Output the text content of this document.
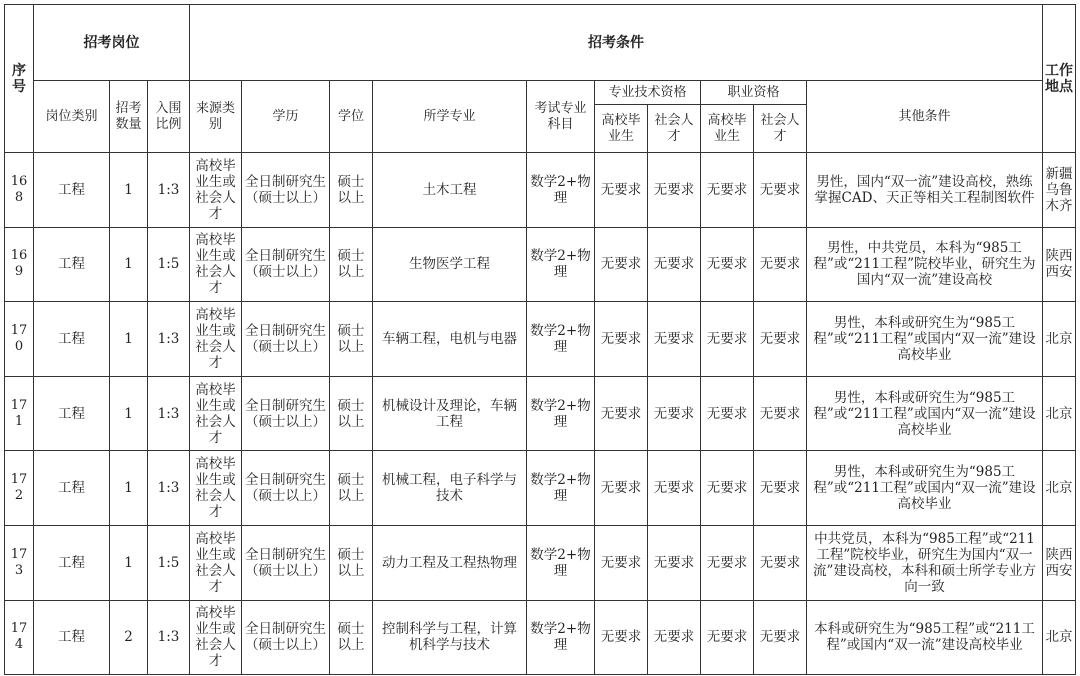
序号	招考岗位			招考条件										工作地点
	岗位类别	招考数量	入围比例	来源类别	学历	学位	所学专业	考试专业科目	专业技术资格		职业资格		其他条件	
									高校毕业生	社会人才	高校毕业生	社会人才		
168	工程	1	1:3	高校毕业生或社会人才	全日制研究生（硕士以上）	硕士以上	土木工程	数学2+物理	无要求	无要求	无要求	无要求	男性，国内“双一流”建设高校，熟练掌握CAD、天正等相关工程制图软件	新疆乌鲁木齐
169	工程	1	1:5	高校毕业生或社会人才	全日制研究生（硕士以上）	硕士以上	生物医学工程	数学2+物理	无要求	无要求	无要求	无要求	男性，中共党员，本科为“985工程”或“211工程”院校毕业，研究生为国内“双一流”建设高校	陕西西安
170	工程	1	1:3	高校毕业生或社会人才	全日制研究生（硕士以上）	硕士以上	车辆工程，电机与电器	数学2+物理	无要求	无要求	无要求	无要求	男性，本科或研究生为“985工程”或“211工程”或国内“双一流”建设高校毕业	北京
171	工程	1	1:3	高校毕业生或社会人才	全日制研究生（硕士以上）	硕士以上	机械设计及理论，车辆工程	数学2+物理	无要求	无要求	无要求	无要求	男性，本科或研究生为“985工程”或“211工程”或国内“双一流”建设高校毕业	北京
172	工程	1	1:3	高校毕业生或社会人才	全日制研究生（硕士以上）	硕士以上	机械工程，电子科学与技术	数学2+物理	无要求	无要求	无要求	无要求	男性，本科或研究生为“985工程”或“211工程”或国内“双一流”建设高校毕业	北京
173	工程	1	1:5	高校毕业生或社会人才	全日制研究生（硕士以上）	硕士以上	动力工程及工程热物理	数学2+物理	无要求	无要求	无要求	无要求	中共党员，本科为“985工程”或“211工程”院校毕业，研究生为国内“双一流”建设高校，本科和硕士所学专业方向一致	陕西西安
174	工程	2	1:3	高校毕业生或社会人才	全日制研究生（硕士以上）	硕士以上	控制科学与工程，计算机科学与技术	数学2+物理	无要求	无要求	无要求	无要求	本科或研究生为“985工程”或“211工程”或国内“双一流”建设高校毕业	北京
